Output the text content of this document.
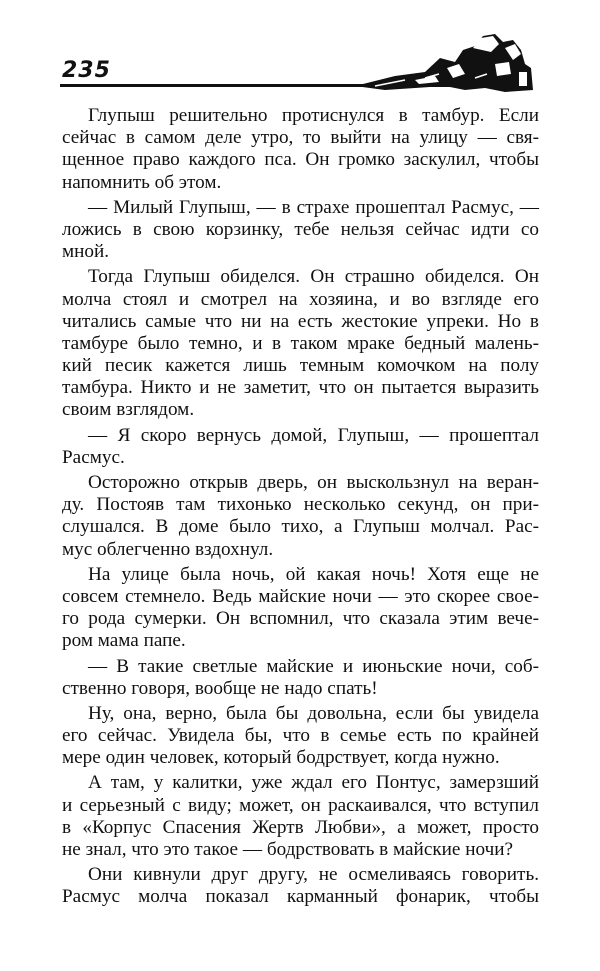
235
Глупыш решительно протиснулся в тамбур. Если
сейчас в самом деле утро, то выйти на улицу — свя-
щенное право каждого пса. Он громко заскулил, чтобы
напомнить об этом.
— Милый Глупыш, — в страхе прошептал Расмус, —
ложись в свою корзинку, тебе нельзя сейчас идти со
мной.
Тогда Глупыш обиделся. Он страшно обиделся. Он
молча стоял и смотрел на хозяина, и во взгляде его
читались самые что ни на есть жестокие упреки. Но в
тамбуре было темно, и в таком мраке бедный малень-
кий песик кажется лишь темным комочком на полу
тамбура. Никто и не заметит, что он пытается выразить
своим взглядом.
— Я скоро вернусь домой, Глупыш, — прошептал
Расмус.
Осторожно открыв дверь, он выскользнул на веран-
ду. Постояв там тихонько несколько секунд, он при-
слушался. В доме было тихо, а Глупыш молчал. Рас-
мус облегченно вздохнул.
На улице была ночь, ой какая ночь! Хотя еще не
совсем стемнело. Ведь майские ночи — это скорее свое-
го рода сумерки. Он вспомнил, что сказала этим вече-
ром мама папе.
— В такие светлые майские и июньские ночи, соб-
ственно говоря, вообще не надо спать!
Ну, она, верно, была бы довольна, если бы увидела
его сейчас. Увидела бы, что в семье есть по крайней
мере один человек, который бодрствует, когда нужно.
А там, у калитки, уже ждал его Понтус, замерзший
и серьезный с виду; может, он раскаивался, что вступил
в «Корпус Спасения Жертв Любви», а может, просто
не знал, что это такое — бодрствовать в майские ночи?
Они кивнули друг другу, не осмеливаясь говорить.
Расмус молча показал карманный фонарик, чтобы
